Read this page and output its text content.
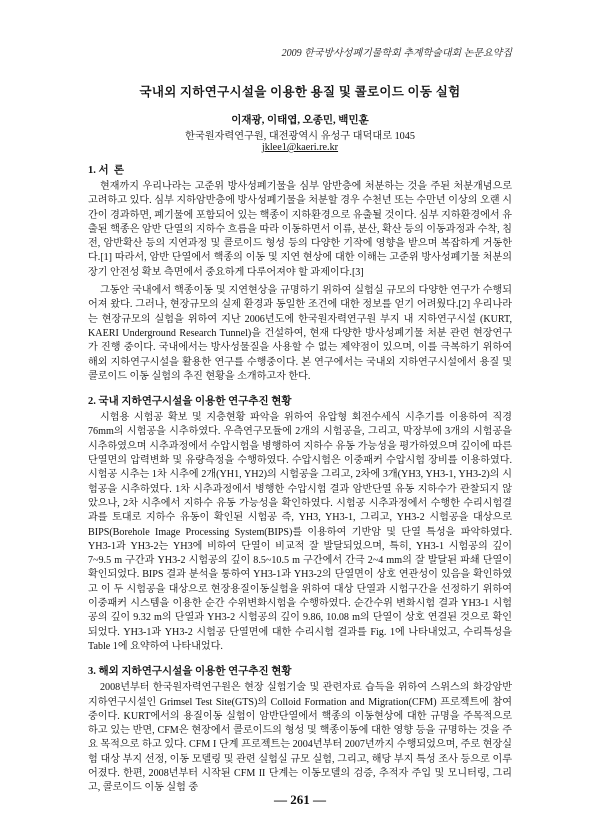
2009 한국방사성폐기물학회 추계학술대회 논문요약집
국내외 지하연구시설을 이용한 용질 및 콜로이드 이동 실험
이재광, 이태엽, 오종민, 백민훈
한국원자력연구원, 대전광역시 유성구 대덕대로 1045
jklee1@kaeri.re.kr
1. 서  론

현재까지 우리나라는 고준위 방사성폐기물을 심부 암반층에 처분하는 것을 주된 처분개념으로 고려하고 있다. 심부 지하암반층에 방사성폐기물을 처분할 경우 수천년 또는 수만년 이상의 오랜 시간이 경과하면, 폐기물에 포함되어 있는 핵종이 지하환경으로 유출될 것이다. 심부 지하환경에서 유출된 핵종은 암반 단열의 지하수 흐름을 따라 이동하면서 이류, 분산, 확산 등의 이동과정과 수착, 침전, 암반확산 등의 지연과정 및 콜로이드 형성 등의 다양한 기작에 영향을 받으며 복잡하게 거동한다.[1] 따라서, 암반 단열에서 핵종의 이동 및 지연 현상에 대한 이해는 고준위 방사성폐기물 처분의 장기 안전성 확보 측면에서 중요하게 다루어져야 할 과제이다.[3]

그동안 국내에서 핵종이동 및 지연현상을 규명하기 위하여 실험실 규모의 다양한 연구가 수행되어져 왔다. 그러나, 현장규모의 실제 환경과 동일한 조건에 대한 정보를 얻기 어려웠다.[2] 우리나라는 현장규모의 실험을 위하여 지난 2006년도에 한국원자력연구원 부지 내 지하연구시설 (KURT, KAERI Underground Research Tunnel)을 건설하여, 현재 다양한 방사성폐기물 처분 관련 현장연구가 진행 중이다. 국내에서는 방사성물질을 사용할 수 없는 제약점이 있으며, 이를 극복하기 위하여 해외 지하연구시설을 활용한 연구를 수행중이다. 본 연구에서는 국내외 지하연구시설에서 용질 및 콜로이드 이동 실험의 추진 현황을 소개하고자 한다.

2. 국내 지하연구시설을 이용한 연구추진 현황

시험용 시험공 확보 및 지층현황 파악을 위하여 유압형 회전수세식 시추기를 이용하여 직경 76mm의 시험공을 시추하였다. 우측연구모듈에 2개의 시험공을, 그리고, 막장부에 3개의 시험공을 시추하였으며 시추과정에서 수압시험을 병행하여 지하수 유동 가능성을 평가하였으며 깊이에 따른 단열면의 압력변화 및 유량측정을 수행하였다. 수압시험은 이중패커 수압시험 장비를 이용하였다. 시험공 시추는 1차 시추에 2개(YH1, YH2)의 시험공을 그리고, 2차에 3개(YH3, YH3-1, YH3-2)의 시험공을 시추하였다. 1차 시추과정에서 병행한 수압시험 결과 암반단열 유동 지하수가 관찰되지 않았으나, 2차 시추에서 지하수 유동 가능성을 확인하였다. 시험공 시추과정에서 수행한 수리시험결과를 토대로 지하수 유동이 확인된 시험공 즉, YH3, YH3-1, 그리고, YH3-2 시험공을 대상으로 BIPS(Borehole Image Processing System(BIPS)를 이용하여 기반암 및 단열 특성을 파악하였다. YH3-1과 YH3-2는 YH3에 비하여 단열이 비교적 잘 발달되었으며, 특히, YH3-1 시험공의 깊이 7~9.5 m 구간과 YH3-2 시험공의 깊이 8.5~10.5 m 구간에서 간극 2~4 mm의 잘 발달된 파쇄 단열이 확인되었다. BIPS 결과 분석을 통하여 YH3-1과 YH3-2의 단열면이 상호 연관성이 있음을 확인하였고 이 두 시험공을 대상으로 현장용질이동실험을 위하여 대상 단열과 시험구간을 선정하기 위하여 이중패커 시스템을 이용한 순간 수위변화시험을 수행하였다. 순간수위 변화시험 결과 YH3-1 시험공의 깊이 9.32 m의 단열과 YH3-2 시험공의 깊이 9.86, 10.08 m의 단열이 상호 연결된 것으로 확인되었다. YH3-1과 YH3-2 시험공 단열면에 대한 수리시험 결과를 Fig. 1에 나타내었고, 수리특성을 Table 1에 요약하여 나타내었다.

3. 해외 지하연구시설을 이용한 연구추진 현황

2008년부터 한국원자력연구원은 현장 실험기술 및 관련자료 습득을 위하여 스위스의 화강암반 지하연구시설인 Grimsel Test Site(GTS)의 Colloid Formation and Migration(CFM) 프로젝트에 참여중이다. KURT에서의 용질이동 실험이 암반단열에서 핵종의 이동현상에 대한 규명을 주목적으로 하고 있는 반면, CFM은 현장에서 콜로이드의 형성 및 핵종이동에 대한 영향 등을 규명하는 것을 주요 목적으로 하고 있다. CFM I 단계 프로젝트는 2004년부터 2007년까지 수행되었으며, 주로 현장실험 대상 부지 선정, 이동 모델링 및 관련 실험실 규모 실험, 그리고, 해당 부지 특성 조사 등으로 이루어졌다. 한편, 2008년부터 시작된 CFM II 단계는 이동모델의 검증, 추적자 주입 및 모니터링, 그리고, 콜로이드 이동 실험 중

— 261 —
